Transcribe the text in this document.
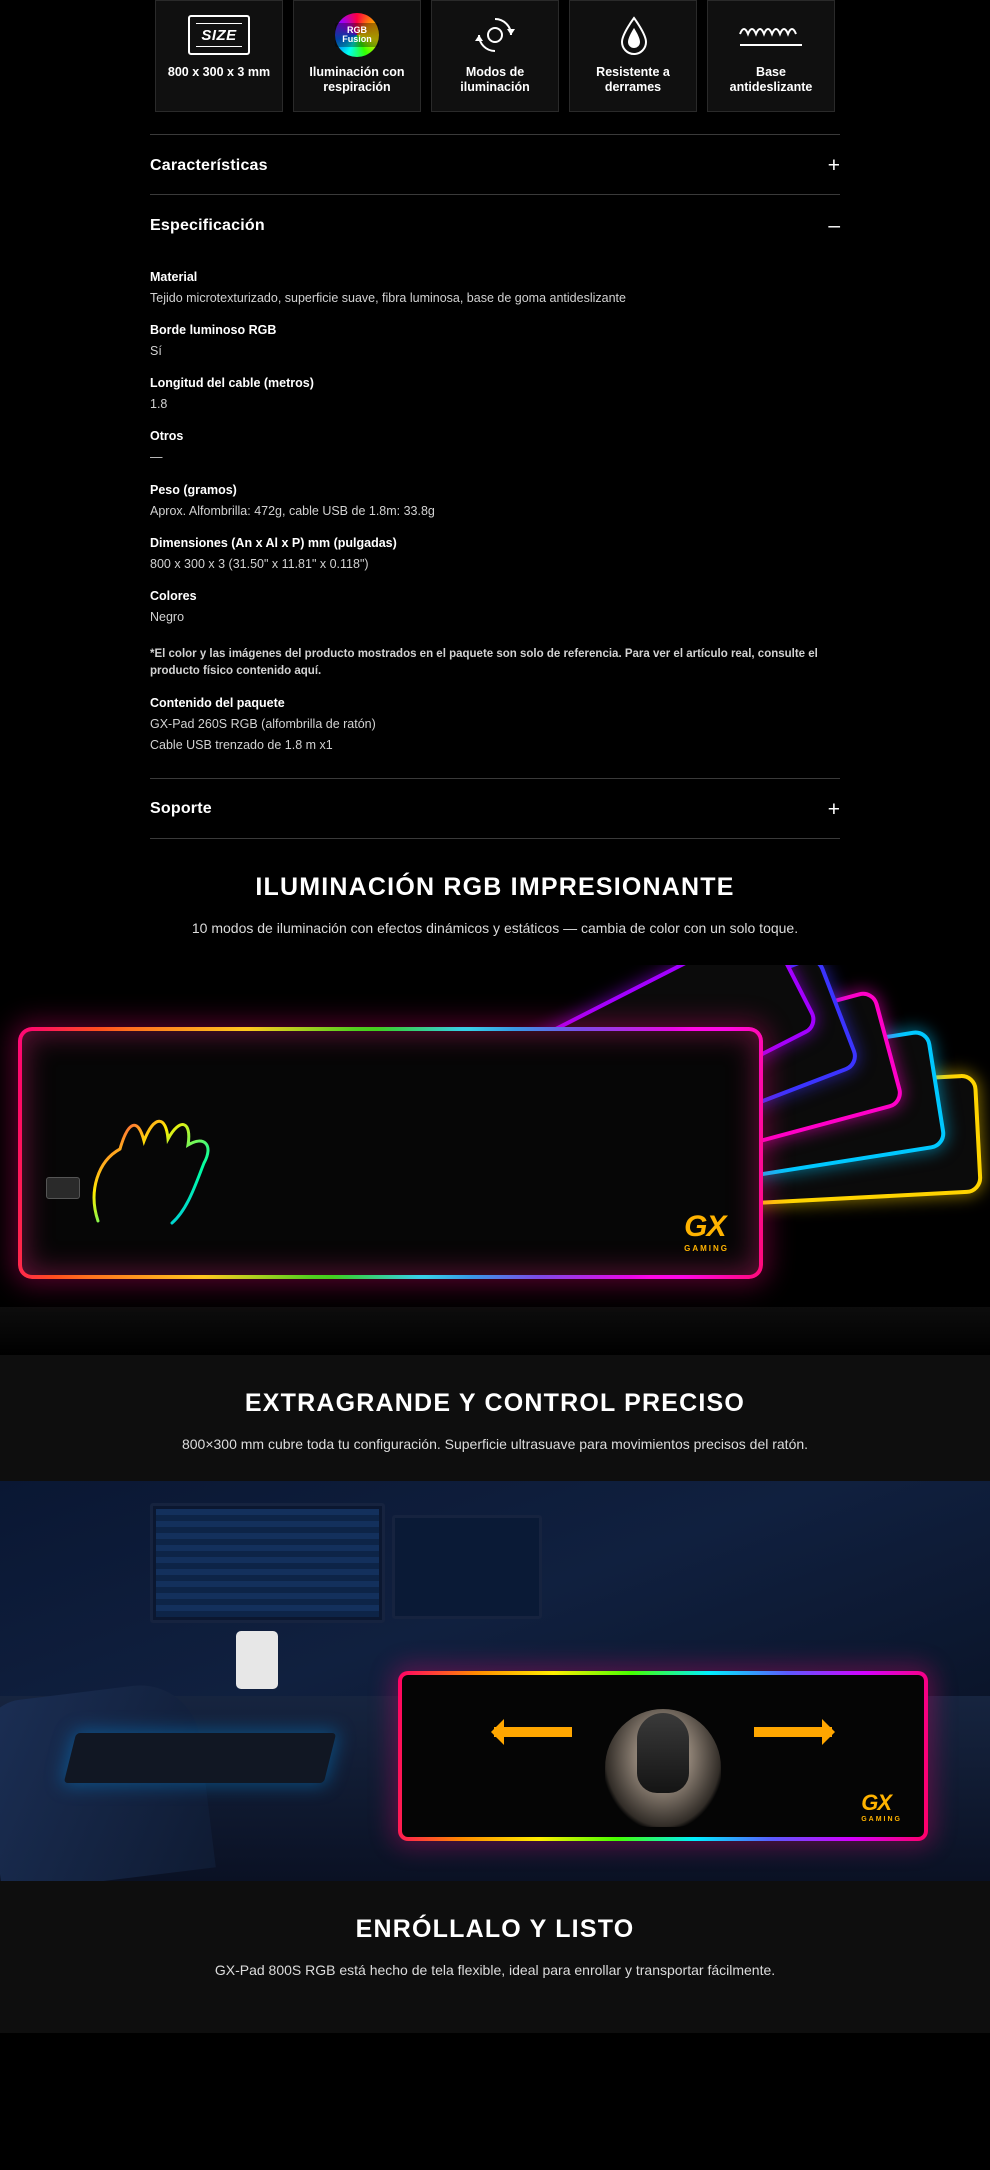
SIZE
800 x 300 x 3 mm
RGB Fusion
Iluminación con respiración
Modos de iluminación
Resistente a derrames
Base antideslizante
Características	+
Especificación	–
Material
Tejido microtexturizado, superficie suave, fibra luminosa, base de goma antideslizante
Borde luminoso RGB
Sí
Longitud del cable (metros)
1.8
Otros
—
Peso (gramos)
Aprox. Alfombrilla: 472g, cable USB de 1.8m: 33.8g
Dimensiones (An x Al x P) mm (pulgadas)
800 x 300 x 3 (31.50" x 11.81" x 0.118")
Colores
Negro
*El color y las imágenes del producto mostrados en el paquete son solo de referencia. Para ver el artículo real, consulte el producto físico contenido aquí.
Contenido del paquete
GX-Pad 260S RGB (alfombrilla de ratón)
Cable USB trenzado de 1.8 m x1
Soporte	+
ILUMINACIÓN RGB IMPRESIONANTE

10 modos de iluminación con efectos dinámicos y estáticos — cambia de color con un solo toque.

GX
GAMING
EXTRAGRANDE Y CONTROL PRECISO

800×300 mm cubre toda tu configuración. Superficie ultrasuave para movimientos precisos del ratón.

GX
GAMING
ENRÓLLALO Y LISTO

GX-Pad 800S RGB está hecho de tela flexible, ideal para enrollar y transportar fácilmente.
